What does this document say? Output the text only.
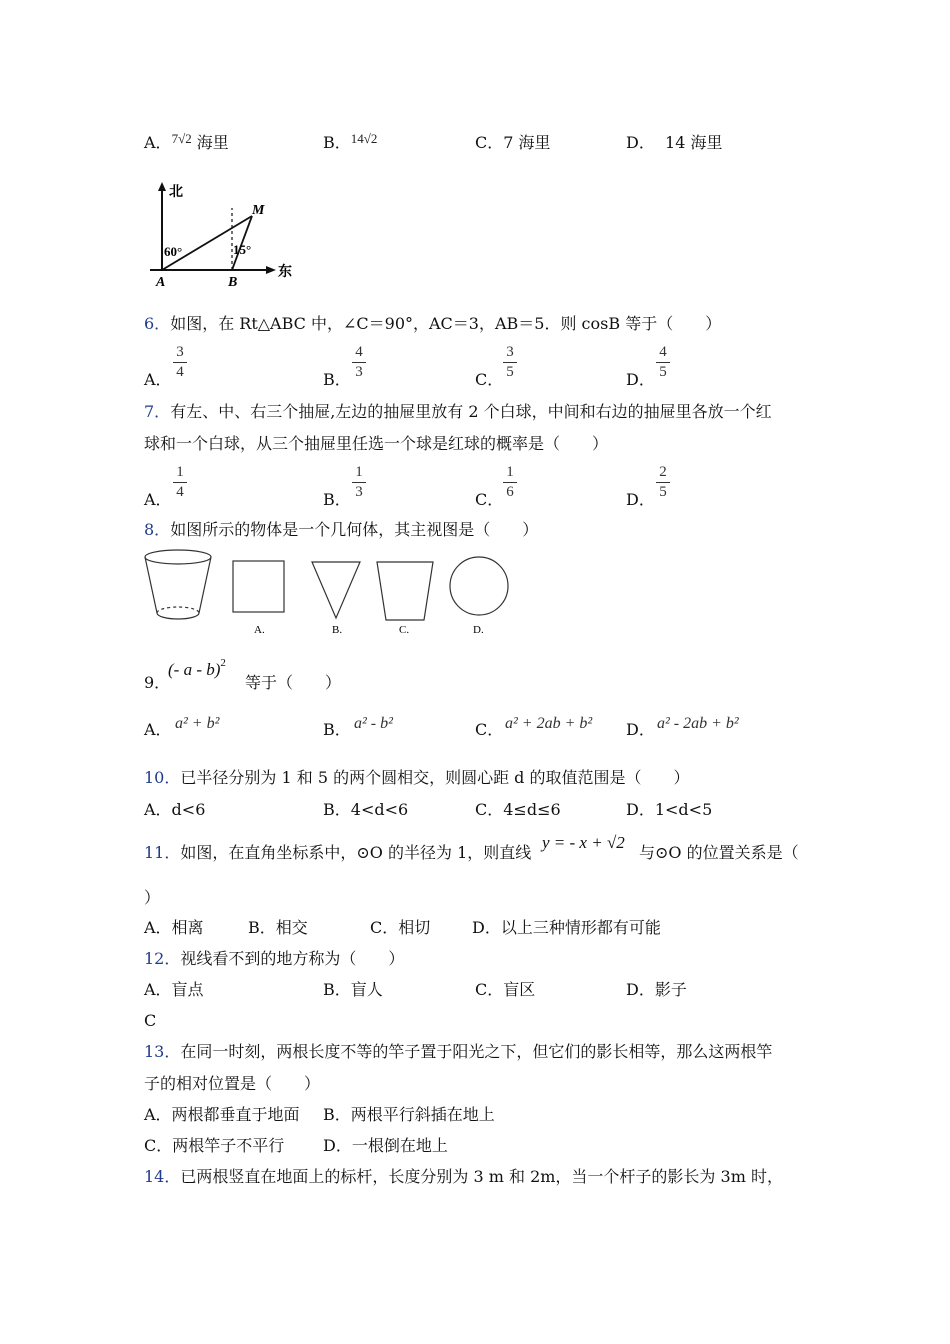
A．$^{7√2}$ 海里	B．$^{14√2}$	C．7 海里	D． 14 海里
北
东
60°	15°
A	B
M
6．如图，在 Rt△ABC 中，∠C＝90°，AC＝3，AB＝5．则 cosB 等于（　　）
A．
3
4	B．
4
3	C．
3
5	D．
4
5
7．有左、中、右三个抽屉,左边的抽屉里放有 2 个白球，中间和右边的抽屉里各放一个红
球和一个白球，从三个抽屉里任选一个球是红球的概率是（　　）
A．
1
4	B．
1
3	C．
1
6	D．
2
5
8．如图所示的物体是一个几何体，其主视图是（　　）
A.	B.	C.	D.
9．
(- a - b)$^2$
等于（　　）
A． a² + b²	B． a² - b²	C． a² + 2ab + b² D． a² - 2ab + b²
10．已半径分别为 1 和 5 的两个圆相交，则圆心距 d 的取值范围是（　　）
A．d<6	B．4<d<6	C．4≤d≤6	D．1<d<5
11．如图，在直角坐标系中，⊙O 的半径为 1，则直线
y = - x + √2
与⊙O 的位置关系是（
）
A．相离	B．相交	C．相切	D．以上三种情形都有可能
12．视线看不到的地方称为（　　）
A．盲点	B．盲人	C．盲区	D．影子
C
13．在同一时刻，两根长度不等的竿子置于阳光之下，但它们的影长相等，那么这两根竿
子的相对位置是（　　）
A．两根都垂直于地面 B．两根平行斜插在地上
C．两根竿子不平行 D．一根倒在地上
14．已两根竖直在地面上的标杆，长度分别为 3 m 和 2m，当一个杆子的影长为 3m 时，
